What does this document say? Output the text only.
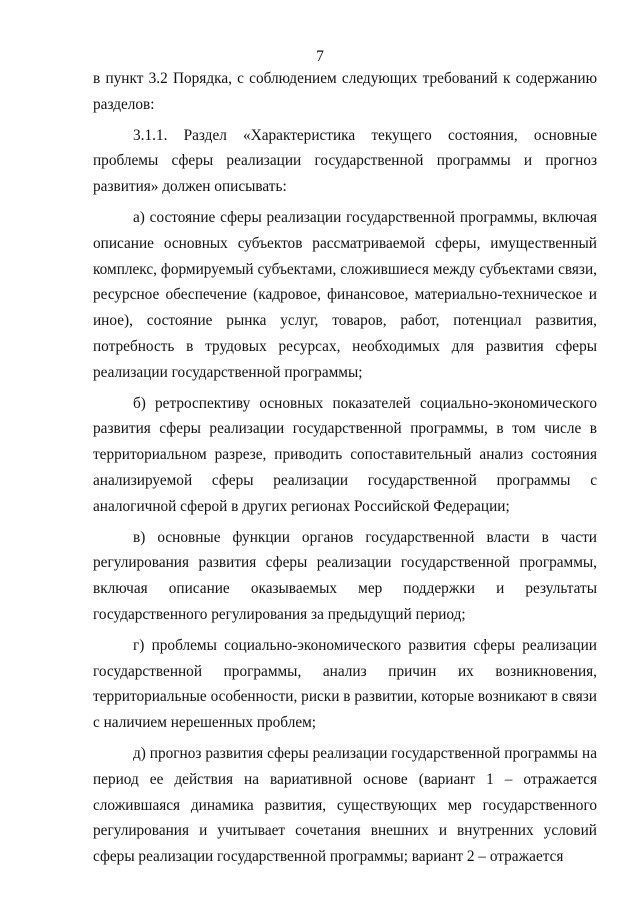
7

в пункт 3.2 Порядка, с соблюдением следующих требований к содержанию разделов:

3.1.1. Раздел «Характеристика текущего состояния, основные проблемы сферы реализации государственной программы и прогноз развития» должен описывать:

а) состояние сферы реализации государственной программы, включая описание основных субъектов рассматриваемой сферы, имущественный комплекс, формируемый субъектами, сложившиеся между субъектами связи, ресурсное обеспечение (кадровое, финансовое, материально-техническое и иное), состояние рынка услуг, товаров, работ, потенциал развития, потребность в трудовых ресурсах, необходимых для развития сферы реализации государственной программы;

б) ретроспективу основных показателей социально-экономического развития сферы реализации государственной программы, в том числе в территориальном разрезе, приводить сопоставительный анализ состояния анализируемой сферы реализации государственной программы с аналогичной сферой в других регионах Российской Федерации;

в) основные функции органов государственной власти в части регулирования развития сферы реализации государственной программы, включая описание оказываемых мер поддержки и результаты государственного регулирования за предыдущий период;

г) проблемы социально-экономического развития сферы реализации государственной программы, анализ причин их возникновения, территориальные особенности, риски в развитии, которые возникают в связи с наличием нерешенных проблем;

д) прогноз развития сферы реализации государственной программы на период ее действия на вариативной основе (вариант 1 – отражается сложившаяся динамика развития, существующих мер государственного регулирования и учитывает сочетания внешних и внутренних условий сферы реализации государственной программы; вариант 2 – отражается
